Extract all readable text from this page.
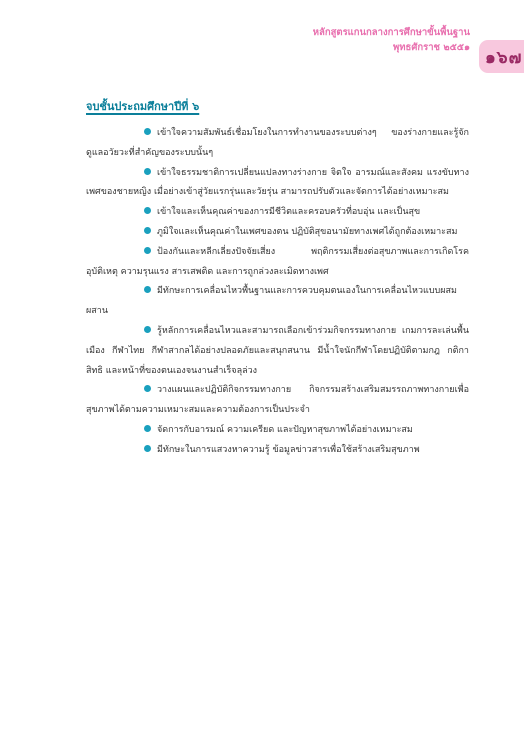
หลักสูตรแกนกลางการศึกษาขั้นพื้นฐาน
พุทธศักราช ๒๕๕๑
๑๖๗
จบชั้นประถมศึกษาปีที่ ๖

เข้าใจความสัมพันธ์เชื่อมโยงในการทำงานของระบบต่างๆ ของร่างกายและรู้จักดูแลอวัยวะที่สำคัญของระบบนั้นๆ

เข้าใจธรรมชาติการเปลี่ยนแปลงทางร่างกาย จิตใจ อารมณ์และสังคม แรงขับทางเพศของชายหญิง เมื่อย่างเข้าสู่วัยแรกรุ่นและวัยรุ่น สามารถปรับตัวและจัดการได้อย่างเหมาะสม

เข้าใจและเห็นคุณค่าของการมีชีวิตและครอบครัวที่อบอุ่น และเป็นสุข

ภูมิใจและเห็นคุณค่าในเพศของตน ปฏิบัติสุขอนามัยทางเพศได้ถูกต้องเหมาะสม

ป้องกันและหลีกเลี่ยงปัจจัยเสี่ยง พฤติกรรมเสี่ยงต่อสุขภาพและการเกิดโรค อุบัติเหตุ ความรุนแรง สารเสพติด และการถูกล่วงละเมิดทางเพศ

มีทักษะการเคลื่อนไหวพื้นฐานและการควบคุมตนเองในการเคลื่อนไหวแบบผสมผสาน

รู้หลักการเคลื่อนไหวและสามารถเลือกเข้าร่วมกิจกรรมทางกาย เกมการละเล่นพื้นเมือง กีฬาไทย กีฬาสากลได้อย่างปลอดภัยและสนุกสนาน มีน้ำใจนักกีฬาโดยปฏิบัติตามกฎ กติกา สิทธิ และหน้าที่ของตนเองจนงานสำเร็จลุล่วง

วางแผนและปฏิบัติกิจกรรมทางกาย กิจกรรมสร้างเสริมสมรรถภาพทางกายเพื่อสุขภาพได้ตามความเหมาะสมและความต้องการเป็นประจำ

จัดการกับอารมณ์ ความเครียด และปัญหาสุขภาพได้อย่างเหมาะสม

มีทักษะในการแสวงหาความรู้ ข้อมูลข่าวสารเพื่อใช้สร้างเสริมสุขภาพ
